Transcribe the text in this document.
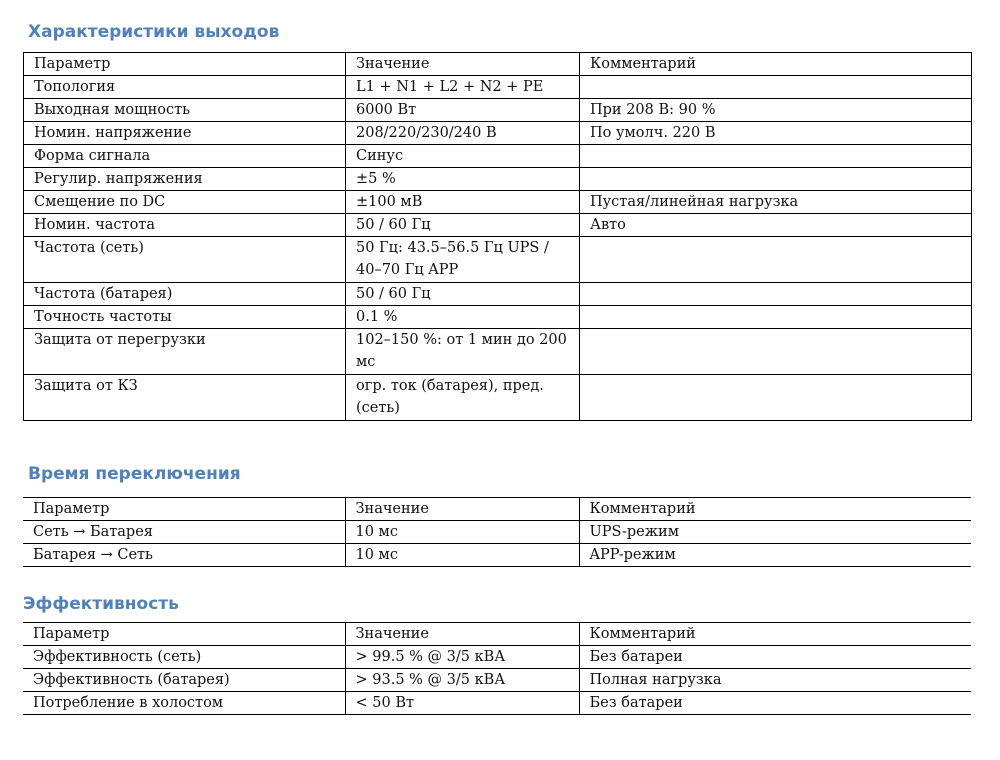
Характеристики выходов
Параметр	Значение	Комментарий
Топология	L1 + N1 + L2 + N2 + PE	
Выходная мощность	6000 Вт	При 208 В: 90 %
Номин. напряжение	208/220/230/240 В	По умолч. 220 В
Форма сигнала	Синус	
Регулир. напряжения	±5 %	
Смещение по DC	±100 мВ	Пустая/линейная нагрузка
Номин. частота	50 / 60 Гц	Авто
Частота (сеть)	50 Гц: 43.5–56.5 Гц UPS / 40–70 Гц APP	
Частота (батарея)	50 / 60 Гц	
Точность частоты	0.1 %	
Защита от перегрузки	102–150 %: от 1 мин до 200 мс	
Защита от КЗ	огр. ток (батарея), пред. (сеть)	
Время переключения
Параметр	Значение	Комментарий
Сеть → Батарея	10 мс	UPS-режим
Батарея → Сеть	10 мс	APP-режим
Эффективность
Параметр	Значение	Комментарий
Эффективность (сеть)	> 99.5 % @ 3/5 кВА	Без батареи
Эффективность (батарея)	> 93.5 % @ 3/5 кВА	Полная нагрузка
Потребление в холостом	< 50 Вт	Без батареи
